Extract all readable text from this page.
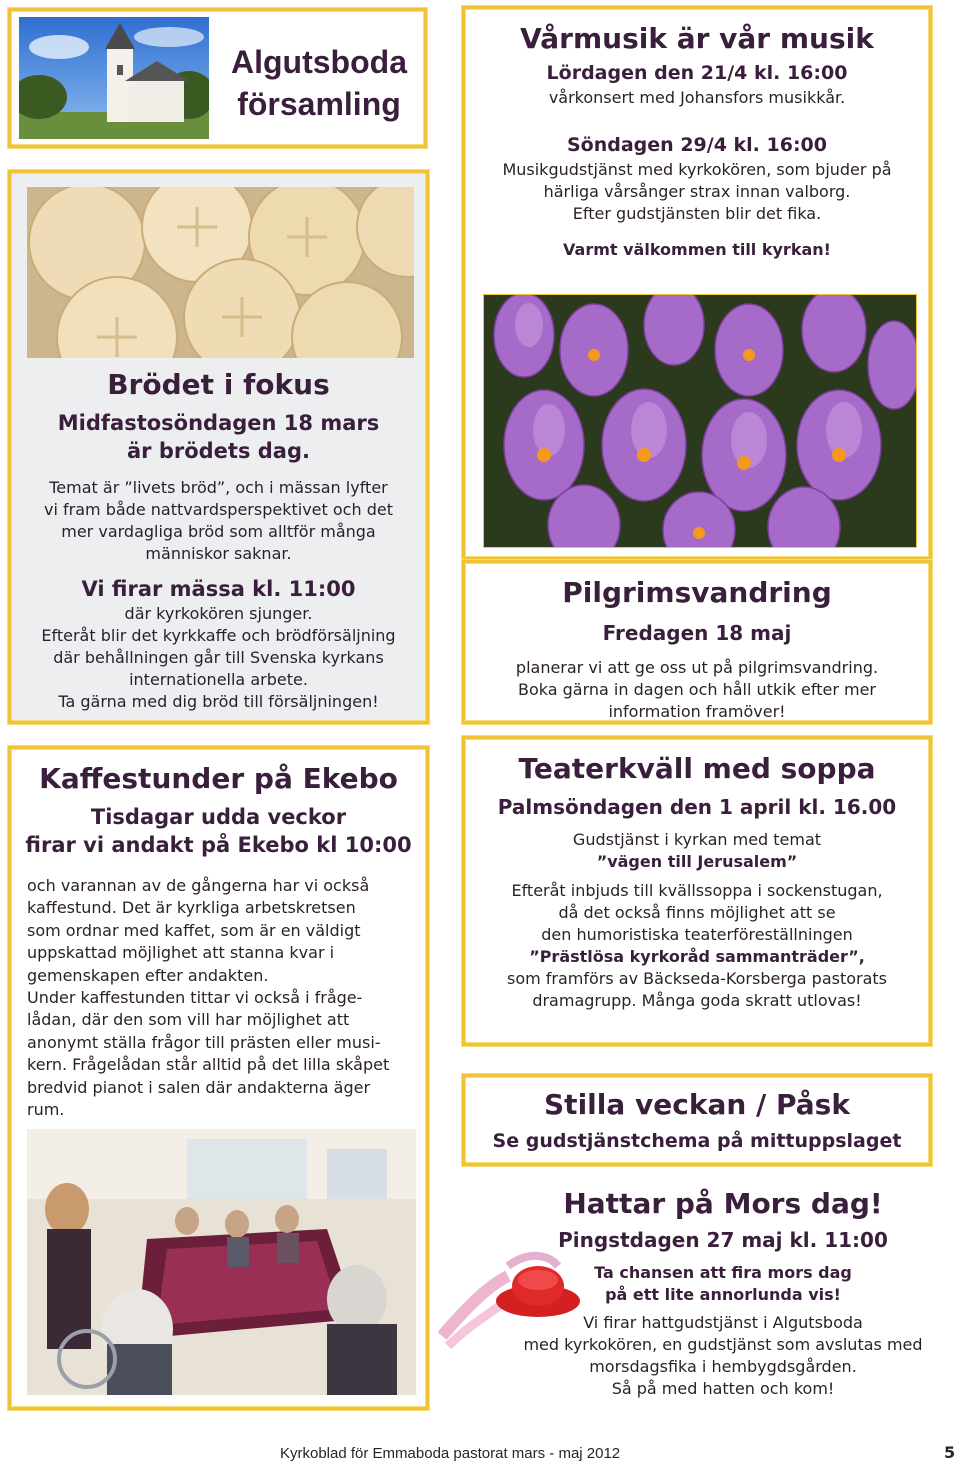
Algutsboda
församling
Brödet i fokus
Midfastosöndagen 18 mars
är brödets dag.
Temat är ”livets bröd”, och i mässan lyfter
vi fram både nattvardsperspektivet och det
mer vardagliga bröd som alltför många
människor saknar.
Vi firar mässa kl. 11:00
där kyrkokören sjunger.
Efteråt blir det kyrkkaffe och brödförsäljning
där behållningen går till Svenska kyrkans
internationella arbete.
Ta gärna med dig bröd till försäljningen!
Vårmusik är vår musik
Lördagen den 21/4 kl. 16:00
vårkonsert med Johansfors musikkår.
Söndagen 29/4 kl. 16:00
Musikgudstjänst med kyrkokören, som bjuder på
härliga vårsånger strax innan valborg.
Efter gudstjänsten blir det fika.
Varmt välkommen till kyrkan!
Pilgrimsvandring
Fredagen 18 maj
planerar vi att ge oss ut på pilgrimsvandring.
Boka gärna in dagen och håll utkik efter mer
information framöver!
Kaffestunder på Ekebo
Tisdagar udda veckor
firar vi andakt på Ekebo kl 10:00
och varannan av de gångerna har vi också
kaffestund. Det är kyrkliga arbetskretsen
som ordnar med kaffet, som är en väldigt
uppskattad möjlighet att stanna kvar i
gemenskapen efter andakten.
Under kaffestunden tittar vi också i fråge-
lådan, där den som vill har möjlighet att
anonymt ställa frågor till prästen eller musi-
kern. Frågelådan står alltid på det lilla skåpet
bredvid pianot i salen där andakterna äger
rum.
Teaterkväll med soppa
Palmsöndagen den 1 april kl. 16.00
Gudstjänst i kyrkan med temat
”vägen till Jerusalem”
Efteråt inbjuds till kvällssoppa i sockenstugan,
då det också finns möjlighet att se
den humoristiska teaterföreställningen
”Prästlösa kyrkoråd sammanträder”,
som framförs av Bäckseda-Korsberga pastorats
dramagrupp. Många goda skratt utlovas!
Stilla veckan / Påsk
Se gudstjänstchema på mittuppslaget
Hattar på Mors dag!
Pingstdagen 27 maj kl. 11:00
Ta chansen att fira mors dag
på ett lite annorlunda vis!
Vi firar hattgudstjänst i Algutsboda
med kyrkokören, en gudstjänst som avslutas med
morsdagsfika i hembygdsgården.
Så på med hatten och kom!
Kyrkoblad för Emmaboda pastorat mars - maj 2012	5
